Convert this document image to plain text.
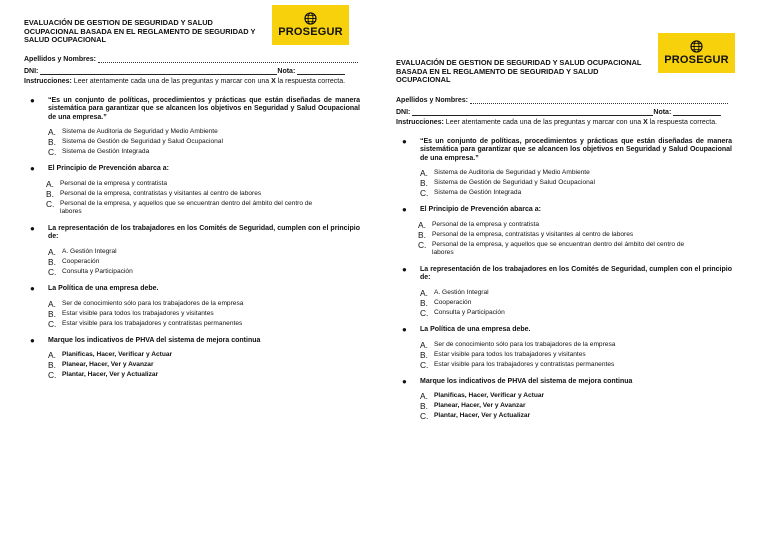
EVALUACIÓN DE GESTION DE SEGURIDAD Y SALUD OCUPACIONAL BASADA EN EL REGLAMENTO DE SEGURIDAD Y SALUD OCUPACIONAL
PROSEGUR
Apellidos y Nombres:
DNI:	Nota:
Instrucciones: Leer atentamente cada una de las preguntas y marcar con una X la respuesta correcta.
● “Es un conjunto de políticas, procedimientos y prácticas que están diseñadas de manera sistemática para garantizar que se alcancen los objetivos en Seguridad y Salud Ocupacional de una empresa.”
A. Sistema de Auditoria de Seguridad y Medio Ambiente
B. Sistema de Gestión de Seguridad y Salud Ocupacional
C. Sistema de Gestión Integrada
● El Principio de Prevención abarca a:
A. Personal de la empresa y contratista
B. Personal de la empresa, contratistas y visitantes al centro de labores
C. Personal de la empresa, y aquellos que se encuentran dentro del ámbito del centro de labores
● La representación de los trabajadores en los Comités de Seguridad, cumplen con el principio de:
A. A. Gestión Integral
B. Cooperación
C. Consulta y Participación
● La Política de una empresa debe.
A. Ser de conocimiento sólo para los trabajadores de la empresa
B. Estar visible para todos los trabajadores y visitantes
C. Estar visible para los trabajadores y contratistas permanentes
● Marque los indicativos de PHVA del sistema de mejora continua
A. Planificas, Hacer, Verificar y Actuar
B. Planear, Hacer, Ver y Avanzar
C. Plantar, Hacer, Ver y Actualizar
EVALUACIÓN DE GESTION DE SEGURIDAD Y SALUD OCUPACIONAL BASADA EN EL REGLAMENTO DE SEGURIDAD Y SALUD OCUPACIONAL
PROSEGUR
Apellidos y Nombres:
DNI:	Nota:
Instrucciones: Leer atentamente cada una de las preguntas y marcar con una X la respuesta correcta.
● “Es un conjunto de políticas, procedimientos y prácticas que están diseñadas de manera sistemática para garantizar que se alcancen los objetivos en Seguridad y Salud Ocupacional de una empresa.”
A. Sistema de Auditoria de Seguridad y Medio Ambiente
B. Sistema de Gestión de Seguridad y Salud Ocupacional
C. Sistema de Gestión Integrada
● El Principio de Prevención abarca a:
A. Personal de la empresa y contratista
B. Personal de la empresa, contratistas y visitantes al centro de labores
C. Personal de la empresa, y aquellos que se encuentran dentro del ámbito del centro de labores
● La representación de los trabajadores en los Comités de Seguridad, cumplen con el principio de:
A. A. Gestión Integral
B. Cooperación
C. Consulta y Participación
● La Política de una empresa debe.
A. Ser de conocimiento sólo para los trabajadores de la empresa
B. Estar visible para todos los trabajadores y visitantes
C. Estar visible para los trabajadores y contratistas permanentes
● Marque los indicativos de PHVA del sistema de mejora continua
A. Planificas, Hacer, Verificar y Actuar
B. Planear, Hacer, Ver y Avanzar
C. Plantar, Hacer, Ver y Actualizar
